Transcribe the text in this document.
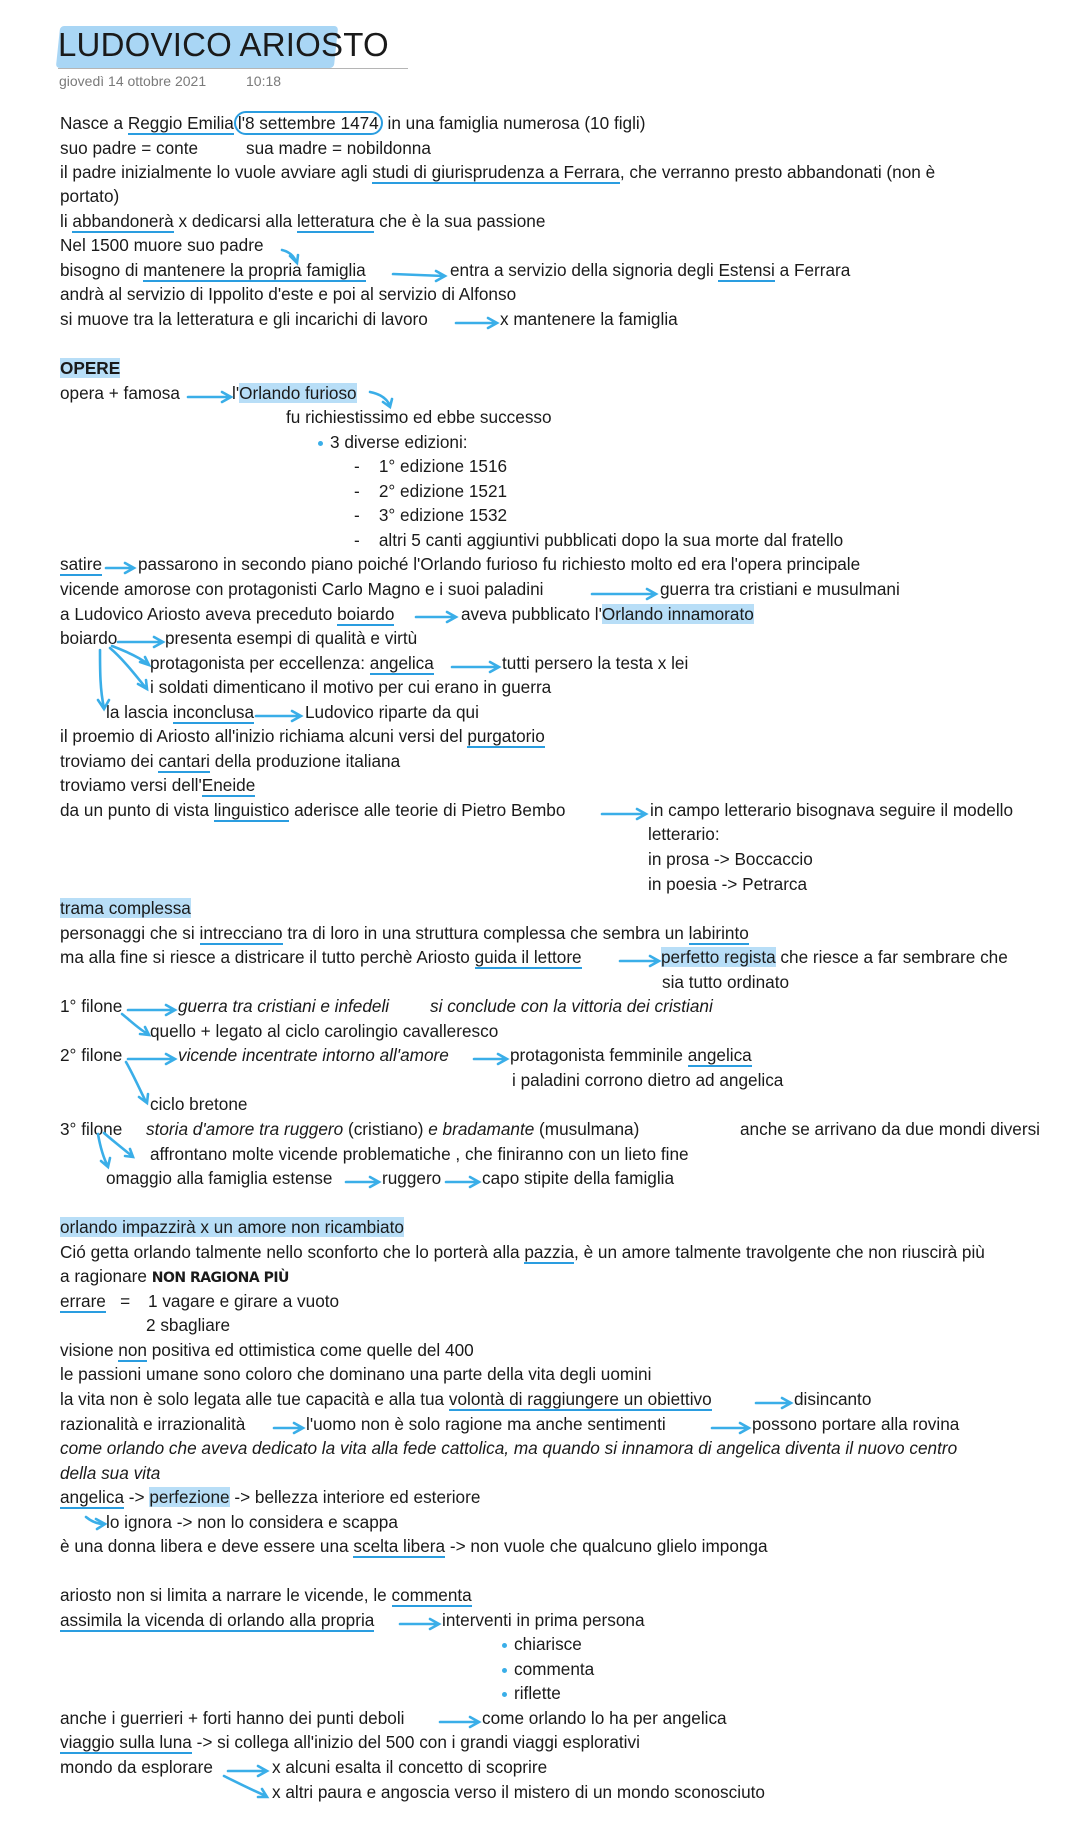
LUDOVICO ARIOSTO
giovedì 14 ottobre 2021	10:18
Nasce a Reggio Emilia l'8 settembre 1474 in una famiglia numerosa (10 figli)
suo padre = conte	sua madre = nobildonna
il padre inizialmente lo vuole avviare agli studi di giurisprudenza a Ferrara, che verranno presto abbandonati (non è
portato)
li abbandonerà x dedicarsi alla letteratura che è la sua passione
Nel 1500 muore suo padre
bisogno di mantenere la propria famiglia	entra a servizio della signoria degli Estensi a Ferrara
andrà al servizio di Ippolito d'este e poi al servizio di Alfonso
si muove tra la letteratura e gli incarichi di lavoro	x mantenere la famiglia
OPERE
opera + famosa	l'Orlando furioso
fu richiestissimo ed ebbe successo
3 diverse edizioni:
-    1° edizione 1516
-    2° edizione 1521
-    3° edizione 1532
-    altri 5 canti aggiuntivi pubblicati dopo la sua morte dal fratello
satire passarono in secondo piano poiché l'Orlando furioso fu richiesto molto ed era l'opera principale
vicende amorose con protagonisti Carlo Magno e i suoi paladini	guerra tra cristiani e musulmani
a Ludovico Ariosto aveva preceduto boiardo	aveva pubblicato l'Orlando innamorato
boiardo	presenta esempi di qualità e virtù
protagonista per eccellenza: angelica	tutti persero la testa x lei
i soldati dimenticano il motivo per cui erano in guerra
la lascia inconclusa	Ludovico riparte da qui
il proemio di Ariosto all'inizio richiama alcuni versi del purgatorio
troviamo dei cantari della produzione italiana
troviamo versi dell'Eneide
da un punto di vista linguistico aderisce alle teorie di Pietro Bembo	in campo letterario bisognava seguire il modello
letterario:
in prosa -> Boccaccio
in poesia -> Petrarca
trama complessa
personaggi che si intrecciano tra di loro in una struttura complessa che sembra un labirinto
ma alla fine si riesce a districare il tutto perchè Ariosto guida il lettore	perfetto regista che riesce a far sembrare che
sia tutto ordinato
1° filone	guerra tra cristiani e infedeli si conclude con la vittoria dei cristiani
quello + legato al ciclo carolingio cavalleresco
2° filone	vicende incentrate intorno all'amore	protagonista femminile angelica
i paladini corrono dietro ad angelica
ciclo bretone
3° filone storia d'amore tra ruggero (cristiano) e bradamante (musulmana)	anche se arrivano da due mondi diversi
affrontano molte vicende problematiche , che finiranno con un lieto fine
omaggio alla famiglia estense	ruggero capo stipite della famiglia
orlando impazzirà x un amore non ricambiato
Ció getta orlando talmente nello sconforto che lo porterà alla pazzia, è un amore talmente travolgente che non riuscirà più
a ragionare NON RAGIONA PIÙ
errare   = 1 vagare e girare a vuoto
2 sbagliare
visione non positiva ed ottimistica come quelle del 400
le passioni umane sono coloro che dominano una parte della vita degli uomini
la vita non è solo legata alle tue capacità e alla tua volontà di raggiungere un obiettivo	disincanto
razionalità e irrazionalità	l'uomo non è solo ragione ma anche sentimenti	possono portare alla rovina
come orlando che aveva dedicato la vita alla fede cattolica, ma quando si innamora di angelica diventa il nuovo centro
della sua vita
angelica -> perfezione -> bellezza interiore ed esteriore
lo ignora -> non lo considera e scappa
è una donna libera e deve essere una scelta libera -> non vuole che qualcuno glielo imponga
ariosto non si limita a narrare le vicende, le commenta
assimila la vicenda di orlando alla propria	interventi in prima persona
chiarisce
commenta
riflette
anche i guerrieri + forti hanno dei punti deboli	come orlando lo ha per angelica
viaggio sulla luna -> si collega all'inizio del 500 con i grandi viaggi esplorativi
mondo da esplorare	x alcuni esalta il concetto di scoprire
x altri paura e angoscia verso il mistero di un mondo sconosciuto
